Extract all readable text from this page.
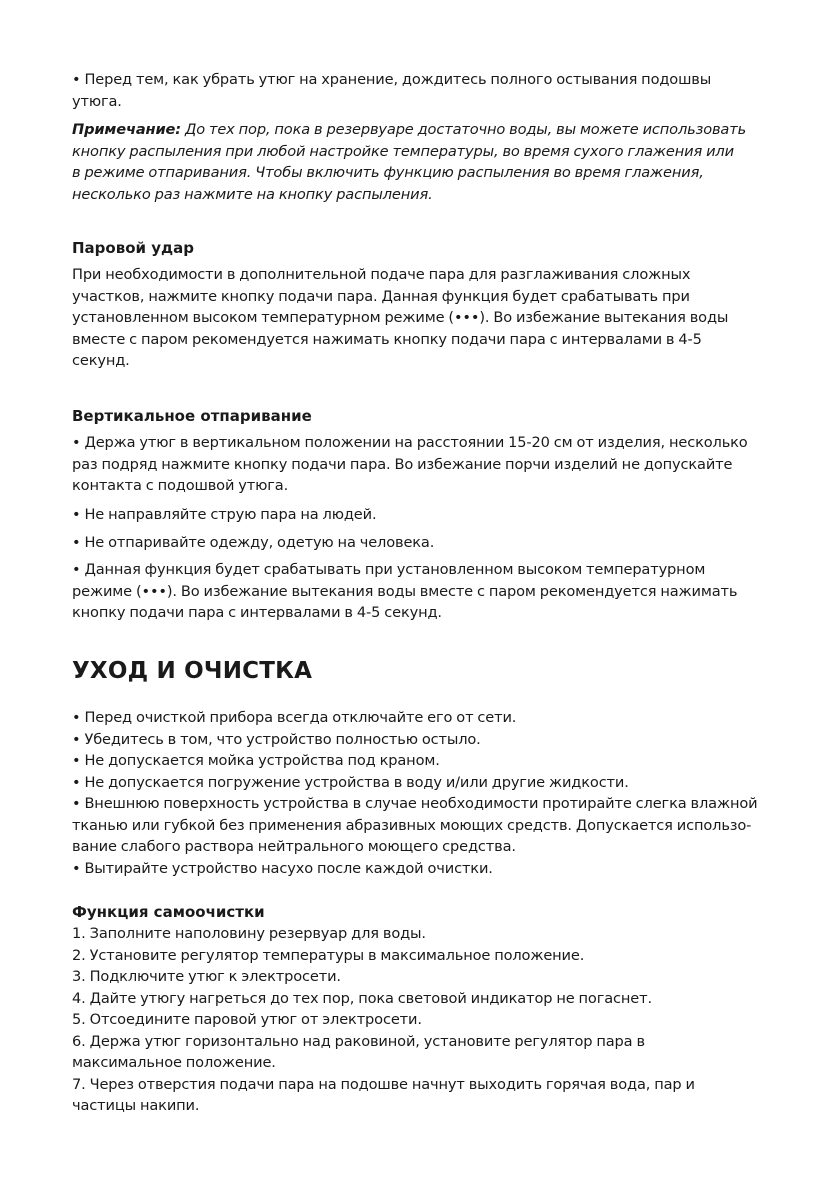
• Перед тем, как убрать утюг на хранение, дождитесь полного остывания подошвы
утюга.

Примечание: До тех пор, пока в резервуаре достаточно воды, вы можете использовать
кнопку распыления при любой настройке температуры, во время сухого глажения или
в режиме отпаривания. Чтобы включить функцию распыления во время глажения,
несколько раз нажмите на кнопку распыления.

Паровой удар

При необходимости в дополнительной подаче пара для разглаживания сложных
участков, нажмите кнопку подачи пара. Данная функция будет срабатывать при
установленном высоком температурном режиме (•••). Во избежание вытекания воды
вместе с паром рекомендуется нажимать кнопку подачи пара с интервалами в 4-5
секунд.

Вертикальное отпаривание

• Держа утюг в вертикальном положении на расстоянии 15-20 см от изделия, несколько
раз подряд нажмите кнопку подачи пара. Во избежание порчи изделий не допускайте
контакта с подошвой утюга.

• Не направляйте струю пара на людей.

• Не отпаривайте одежду, одетую на человека.

• Данная функция будет срабатывать при установленном высоком температурном
режиме (•••). Во избежание вытекания воды вместе с паром рекомендуется нажимать
кнопку подачи пара с интервалами в 4-5 секунд.

УХОД И ОЧИСТКА

• Перед очисткой прибора всегда отключайте его от сети.
• Убедитесь в том, что устройство полностью остыло.
• Не допускается мойка устройства под краном.
• Не допускается погружение устройства в воду и/или другие жидкости.
• Внешнюю поверхность устройства в случае необходимости протирайте слегка влажной
тканью или губкой без применения абразивных моющих средств. Допускается использо-
вание слабого раствора нейтрального моющего средства.
• Вытирайте устройство насухо после каждой очистки.

Функция самоочистки

1. Заполните наполовину резервуар для воды.
2. Установите регулятор температуры в максимальное положение.
3. Подключите утюг к электросети.
4. Дайте утюгу нагреться до тех пор, пока световой индикатор не погаснет.
5. Отсоедините паровой утюг от электросети.
6. Держа утюг горизонтально над раковиной, установите регулятор пара в
максимальное положение.
7. Через отверстия подачи пара на подошве начнут выходить горячая вода, пар и
частицы накипи.
